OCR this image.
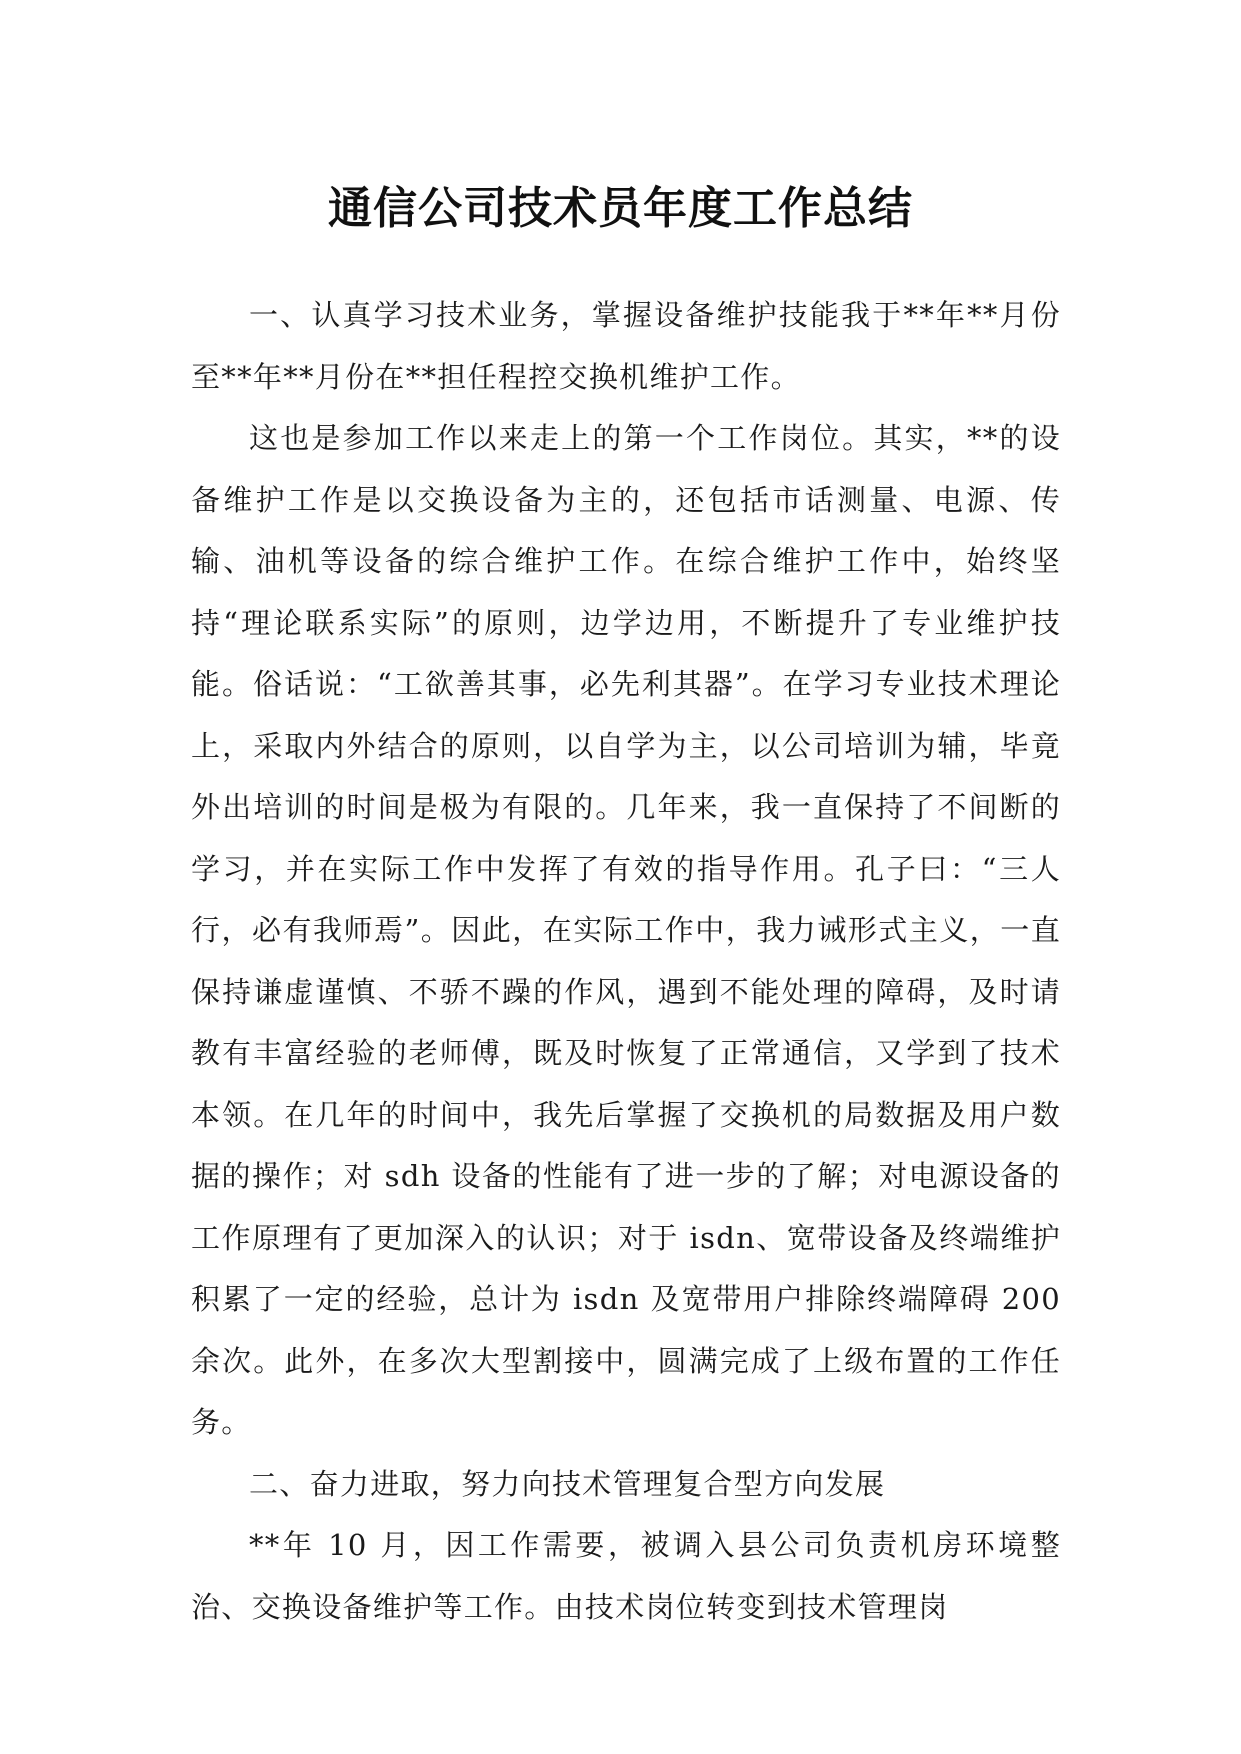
通信公司技术员年度工作总结

一、认真学习技术业务，掌握设备维护技能我于**年**月份至**年**月份在**担任程控交换机维护工作。

这也是参加工作以来走上的第一个工作岗位。其实，**的设备维护工作是以交换设备为主的，还包括市话测量、电源、传输、油机等设备的综合维护工作。在综合维护工作中，始终坚持“理论联系实际”的原则，边学边用，不断提升了专业维护技能。俗话说：“工欲善其事，必先利其器”。在学习专业技术理论上，采取内外结合的原则，以自学为主，以公司培训为辅，毕竟外出培训的时间是极为有限的。几年来，我一直保持了不间断的学习，并在实际工作中发挥了有效的指导作用。孔子曰：“三人行，必有我师焉”。因此，在实际工作中，我力诫形式主义，一直保持谦虚谨慎、不骄不躁的作风，遇到不能处理的障碍，及时请教有丰富经验的老师傅，既及时恢复了正常通信，又学到了技术本领。在几年的时间中，我先后掌握了交换机的局数据及用户数据的操作；对 sdh 设备的性能有了进一步的了解；对电源设备的工作原理有了更加深入的认识；对于 isdn、宽带设备及终端维护积累了一定的经验，总计为 isdn 及宽带用户排除终端障碍 200 余次。此外，在多次大型割接中，圆满完成了上级布置的工作任务。

二、奋力进取，努力向技术管理复合型方向发展

**年 10 月，因工作需要，被调入县公司负责机房环境整治、交换设备维护等工作。由技术岗位转变到技术管理岗
